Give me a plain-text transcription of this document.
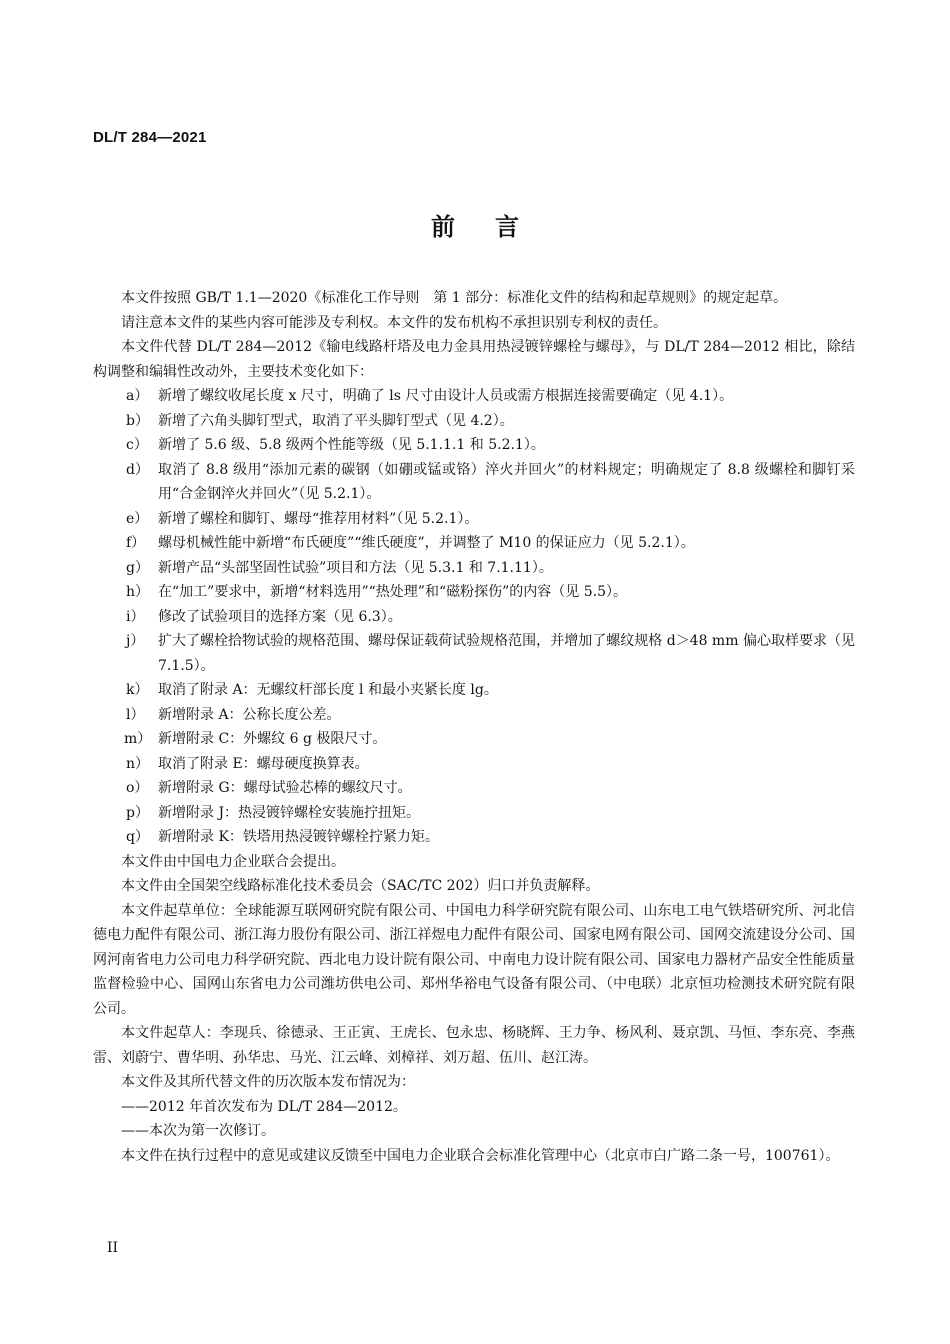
DL/T 284—2021
前言

本文件按照 GB/T 1.1—2020《标准化工作导则　第 1 部分：标准化文件的结构和起草规则》的规定起草。

请注意本文件的某些内容可能涉及专利权。本文件的发布机构不承担识别专利权的责任。

本文件代替 DL/T 284—2012《输电线路杆塔及电力金具用热浸镀锌螺栓与螺母》，与 DL/T 284—2012 相比，除结构调整和编辑性改动外，主要技术变化如下：

a） 新增了螺纹收尾长度 x 尺寸，明确了 ls 尺寸由设计人员或需方根据连接需要确定（见 4.1）。

b） 新增了六角头脚钉型式，取消了平头脚钉型式（见 4.2）。

c） 新增了 5.6 级、5.8 级两个性能等级（见 5.1.1.1 和 5.2.1）。

d） 取消了 8.8 级用“添加元素的碳钢（如硼或锰或铬）淬火并回火”的材料规定；明确规定了 8.8 级螺栓和脚钉采用“合金钢淬火并回火”（见 5.2.1）。

e） 新增了螺栓和脚钉、螺母“推荐用材料”（见 5.2.1）。

f） 螺母机械性能中新增“布氏硬度”“维氏硬度”，并调整了 M10 的保证应力（见 5.2.1）。

g） 新增产品“头部坚固性试验”项目和方法（见 5.3.1 和 7.1.11）。

h） 在“加工”要求中，新增“材料选用”“热处理”和“磁粉探伤”的内容（见 5.5）。

i） 修改了试验项目的选择方案（见 6.3）。

j） 扩大了螺栓拾物试验的规格范围、螺母保证载荷试验规格范围，并增加了螺纹规格 d＞48 mm 偏心取样要求（见 7.1.5）。

k） 取消了附录 A：无螺纹杆部长度 l 和最小夹紧长度 lg。

l） 新增附录 A：公称长度公差。

m） 新增附录 C：外螺纹 6 g 极限尺寸。

n） 取消了附录 E：螺母硬度换算表。

o） 新增附录 G：螺母试验芯棒的螺纹尺寸。

p） 新增附录 J：热浸镀锌螺栓安装施拧扭矩。

q） 新增附录 K：铁塔用热浸镀锌螺栓拧紧力矩。

本文件由中国电力企业联合会提出。

本文件由全国架空线路标准化技术委员会（SAC/TC 202）归口并负责解释。

本文件起草单位：全球能源互联网研究院有限公司、中国电力科学研究院有限公司、山东电工电气铁塔研究所、河北信德电力配件有限公司、浙江海力股份有限公司、浙江祥煜电力配件有限公司、国家电网有限公司、国网交流建设分公司、国网河南省电力公司电力科学研究院、西北电力设计院有限公司、中南电力设计院有限公司、国家电力器材产品安全性能质量监督检验中心、国网山东省电力公司潍坊供电公司、郑州华裕电气设备有限公司、（中电联）北京恒功检测技术研究院有限公司。

本文件起草人：李现兵、徐德录、王正寅、王虎长、包永忠、杨晓辉、王力争、杨风利、聂京凯、马恒、李东亮、李燕雷、刘蔚宁、曹华明、孙华忠、马光、江云峰、刘樟祥、刘万超、伍川、赵江涛。

本文件及其所代替文件的历次版本发布情况为：

——2012 年首次发布为 DL/T 284—2012。

——本次为第一次修订。

本文件在执行过程中的意见或建议反馈至中国电力企业联合会标准化管理中心（北京市白广路二条一号，100761）。

II
